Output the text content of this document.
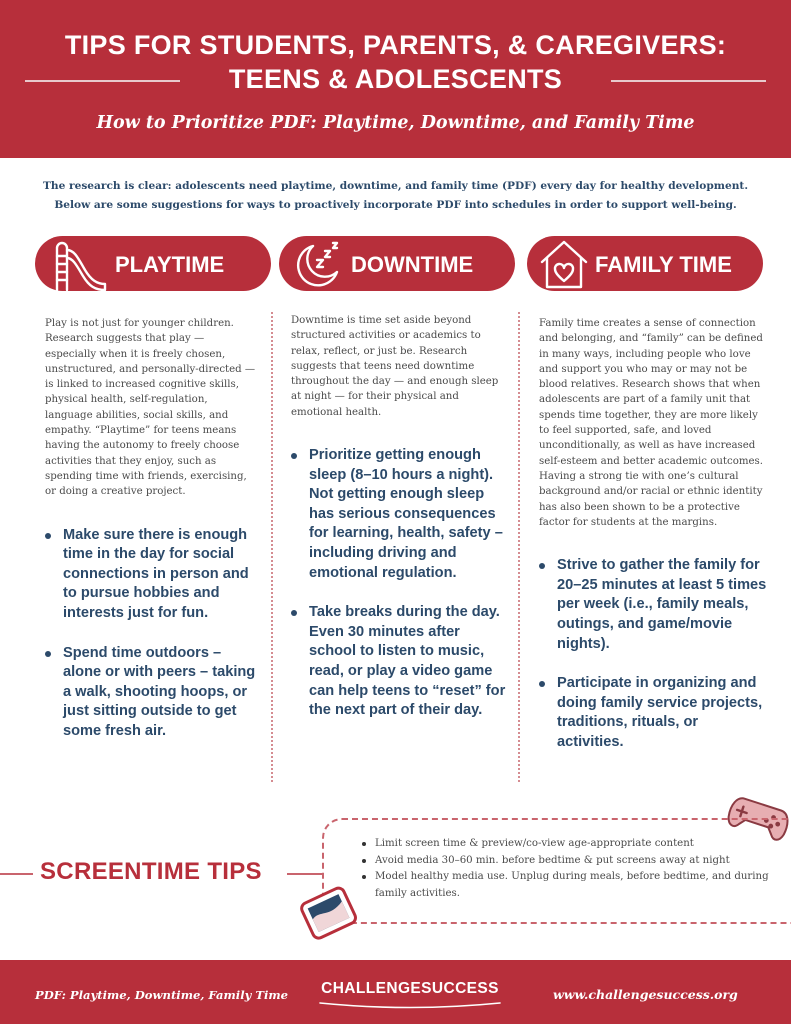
TIPS FOR STUDENTS, PARENTS, & CAREGIVERS:
TEENS & ADOLESCENTS
How to Prioritize PDF: Playtime, Downtime, and Family Time
The research is clear: adolescents need playtime, downtime, and family time (PDF) every day for healthy development.
Below are some suggestions for ways to proactively incorporate PDF into schedules in order to support well-being.
PLAYTIME	DOWNTIME	FAMILY TIME

Play is not just for younger children. Research suggests that play — especially when it is freely chosen, unstructured, and personally-directed — is linked to increased cognitive skills, physical health, self-regulation, language abilities, social skills, and empathy. “Playtime” for teens means having the autonomy to freely choose activities that they enjoy, such as spending time with friends, exercising, or doing a creative project.

Make sure there is enough time in the day for social connections in person and to pursue hobbies and interests just for fun.
Spend time outdoors – alone or with peers – taking a walk, shooting hoops, or just sitting outside to get some fresh air.

Downtime is time set aside beyond structured activities or academics to relax, reflect, or just be. Research suggests that teens need downtime throughout the day — and enough sleep at night — for their physical and emotional health.

Prioritize getting enough sleep (8–10 hours a night). Not getting enough sleep has serious consequences for learning, health, safety – including driving and emotional regulation.
Take breaks during the day. Even 30 minutes after school to listen to music, read, or play a video game can help teens to “reset” for the next part of their day.

Family time creates a sense of connection and belonging, and “family” can be defined in many ways, including people who love and support you who may or may not be blood relatives. Research shows that when adolescents are part of a family unit that spends time together, they are more likely to feel supported, safe, and loved unconditionally, as well as have increased self-esteem and better academic outcomes. Having a strong tie with one’s cultural background and/or racial or ethnic identity has also been shown to be a protective factor for students at the margins.

Strive to gather the family for 20–25 minutes at least 5 times per week (i.e., family meals, outings, and game/movie nights).
Participate in organizing and doing family service projects, traditions, rituals, or activities.
SCREENTIME TIPS
Limit screen time & preview/co-view age-appropriate content
Avoid media 30–60 min. before bedtime & put screens away at night
Model healthy media use. Unplug during meals, before bedtime, and during family activities.
PDF: Playtime, Downtime, Family Time	CHALLENGESUCCESS	www.challengesuccess.org
